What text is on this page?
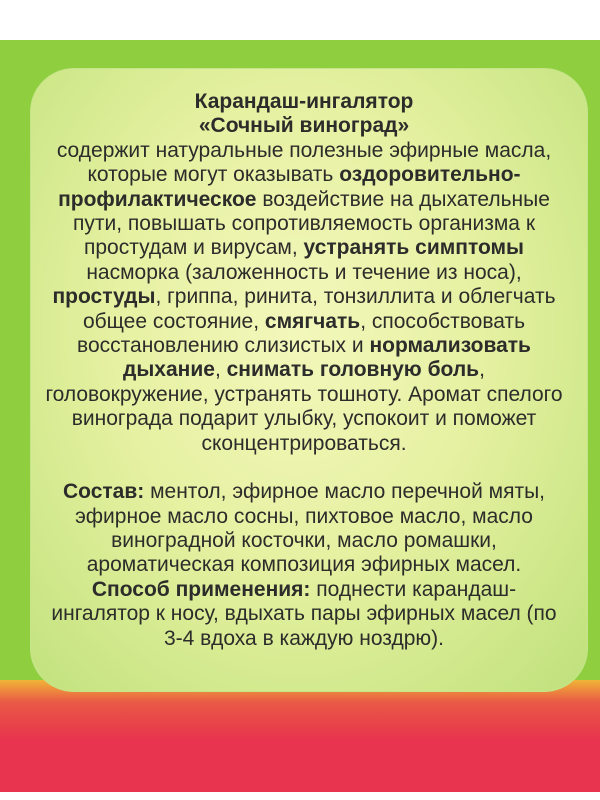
Карандаш-ингалятор
«Сочный виноград»

содержит натуральные полезные эфирные масла, которые могут оказывать оздоровительно-профилактическое воздействие на дыхательные пути, повышать сопротивляемость организма к простудам и вирусам, устранять симптомы насморка (заложенность и течение из носа), простуды, гриппа, ринита, тонзиллита и облегчать общее состояние, смягчать, способствовать восстановлению слизистых и нормализовать дыхание, снимать головную боль, головокружение, устранять тошноту. Аромат спелого винограда подарит улыбку, успокоит и поможет сконцентрироваться.

Состав: ментол, эфирное масло перечной мяты, эфирное масло сосны, пихтовое масло, масло виноградной косточки, масло ромашки, ароматическая композиция эфирных масел.

Способ применения: поднести карандаш-ингалятор к носу, вдыхать пары эфирных масел (по 3-4 вдоха в каждую ноздрю).
